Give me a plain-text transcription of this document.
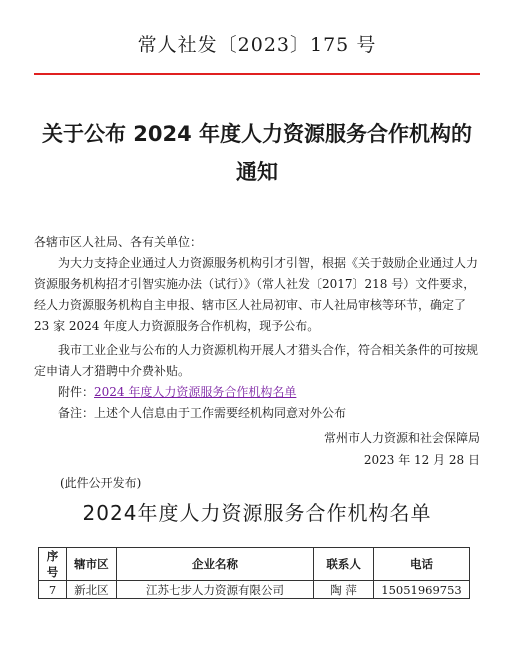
常人社发〔2023〕175 号
关于公布 2024 年度人力资源服务合作机构的通知
各辖市区人社局、各有关单位：
为大力支持企业通过人力资源服务机构引才引智，根据《关于鼓励企业通过人力资源服务机构招才引智实施办法（试行）》（常人社发〔2017〕218 号）文件要求，经人力资源服务机构自主申报、辖市区人社局初审、市人社局审核等环节，确定了 23 家 2024 年度人力资源服务合作机构，现予公布。
我市工业企业与公布的人力资源机构开展人才猎头合作，符合相关条件的可按规定申请人才猎聘中介费补贴。
附件：2024 年度人力资源服务合作机构名单
备注：上述个人信息由于工作需要经机构同意对外公布
常州市人力资源和社会保障局
2023 年 12 月 28 日
(此件公开发布)
2024年度人力资源服务合作机构名单
序号	辖市区	企业名称	联系人	电话
7	新北区	江苏七步人力资源有限公司	陶 萍	15051969753
